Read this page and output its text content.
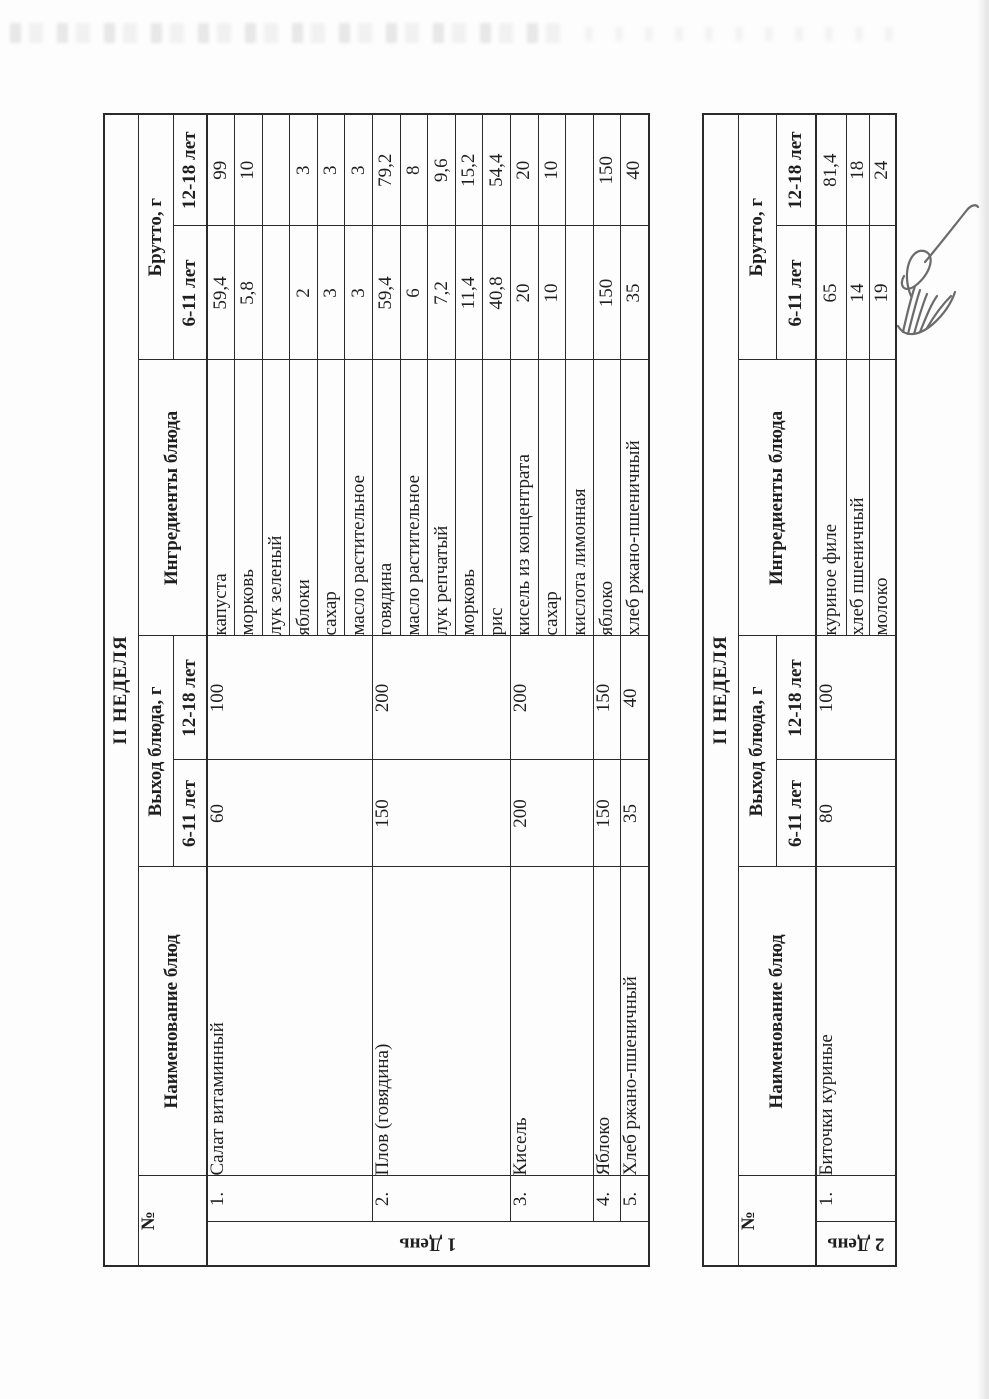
II НЕДЕЛЯ							
№		Наименование блюд	Выход блюда, г		Ингредиенты блюда	Брутто, г	
			6-11 лет	12-18 лет		6-11 лет	12-18 лет

1 День	1.	Салат витаминный	60	100	капуста	59,4	99
					морковь	5,8	10
					лук зеленый		
					яблоки	2	3
					сахар	3	3
					масло растительное	3	3
	2.	Плов (говядина)	150	200	говядина	59,4	79,2
					масло растительное	6	8
					лук репчатый	7,2	9,6
					морковь	11,4	15,2
					рис	40,8	54,4
	3.	Кисель	200	200	кисель из концентрата	20	20
					сахар	10	10
					кислота лимонная		
	4.	Яблоко	150	150	яблоко	150	150
	5.	Хлеб ржано-пшеничный	35	40	хлеб ржано-пшеничный	35	40
II НЕДЕЛЯ							
№		Наименование блюд	Выход блюда, г		Ингредиенты блюда	Брутто, г	
			6-11 лет	12-18 лет		6-11 лет	12-18 лет

2 День	1.	Биточки куриные	80	100	куриное филе	65	81,4
					хлеб пшеничный	14	18
					молоко	19	24
